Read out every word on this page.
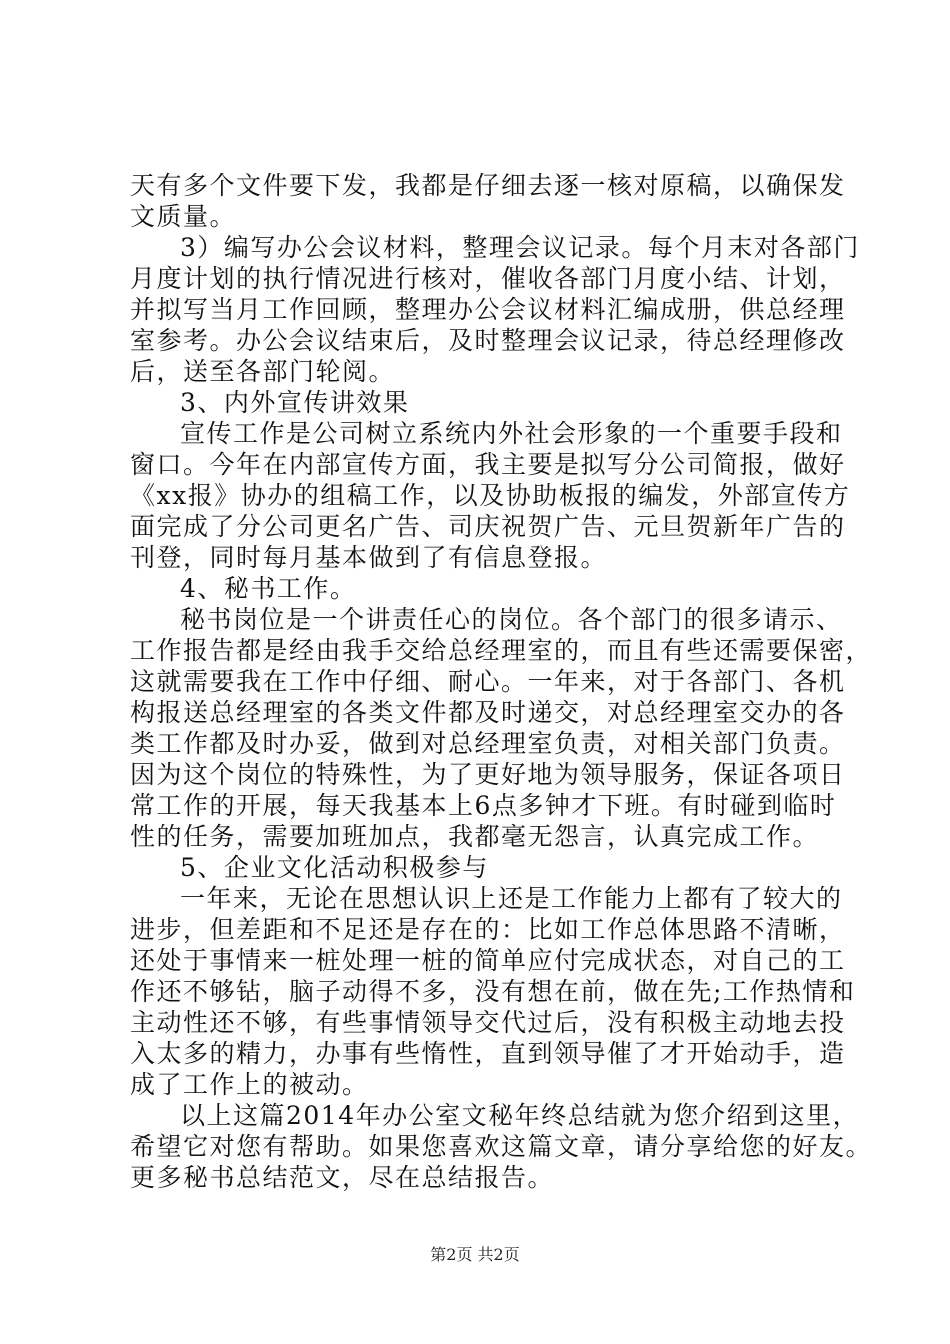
天有多个文件要下发，我都是仔细去逐一核对原稿，以确保发
文质量。
3）编写办公会议材料，整理会议记录。每个月末对各部门
月度计划的执行情况进行核对，催收各部门月度小结、计划，
并拟写当月工作回顾，整理办公会议材料汇编成册，供总经理
室参考。办公会议结束后，及时整理会议记录，待总经理修改
后，送至各部门轮阅。
3、内外宣传讲效果
宣传工作是公司树立系统内外社会形象的一个重要手段和
窗口。今年在内部宣传方面，我主要是拟写分公司简报，做好
《xx报》协办的组稿工作，以及协助板报的编发，外部宣传方
面完成了分公司更名广告、司庆祝贺广告、元旦贺新年广告的
刊登，同时每月基本做到了有信息登报。
4、秘书工作。
秘书岗位是一个讲责任心的岗位。各个部门的很多请示、
工作报告都是经由我手交给总经理室的，而且有些还需要保密，
这就需要我在工作中仔细、耐心。一年来，对于各部门、各机
构报送总经理室的各类文件都及时递交，对总经理室交办的各
类工作都及时办妥，做到对总经理室负责，对相关部门负责。
因为这个岗位的特殊性，为了更好地为领导服务，保证各项日
常工作的开展，每天我基本上6点多钟才下班。有时碰到临时
性的任务，需要加班加点，我都毫无怨言，认真完成工作。
5、企业文化活动积极参与
一年来，无论在思想认识上还是工作能力上都有了较大的
进步，但差距和不足还是存在的：比如工作总体思路不清晰，
还处于事情来一桩处理一桩的简单应付完成状态，对自己的工
作还不够钻，脑子动得不多，没有想在前，做在先;工作热情和
主动性还不够，有些事情领导交代过后，没有积极主动地去投
入太多的精力，办事有些惰性，直到领导催了才开始动手，造
成了工作上的被动。
以上这篇2014年办公室文秘年终总结就为您介绍到这里，
希望它对您有帮助。如果您喜欢这篇文章，请分享给您的好友。
更多秘书总结范文，尽在总结报告。
第2页 共2页
